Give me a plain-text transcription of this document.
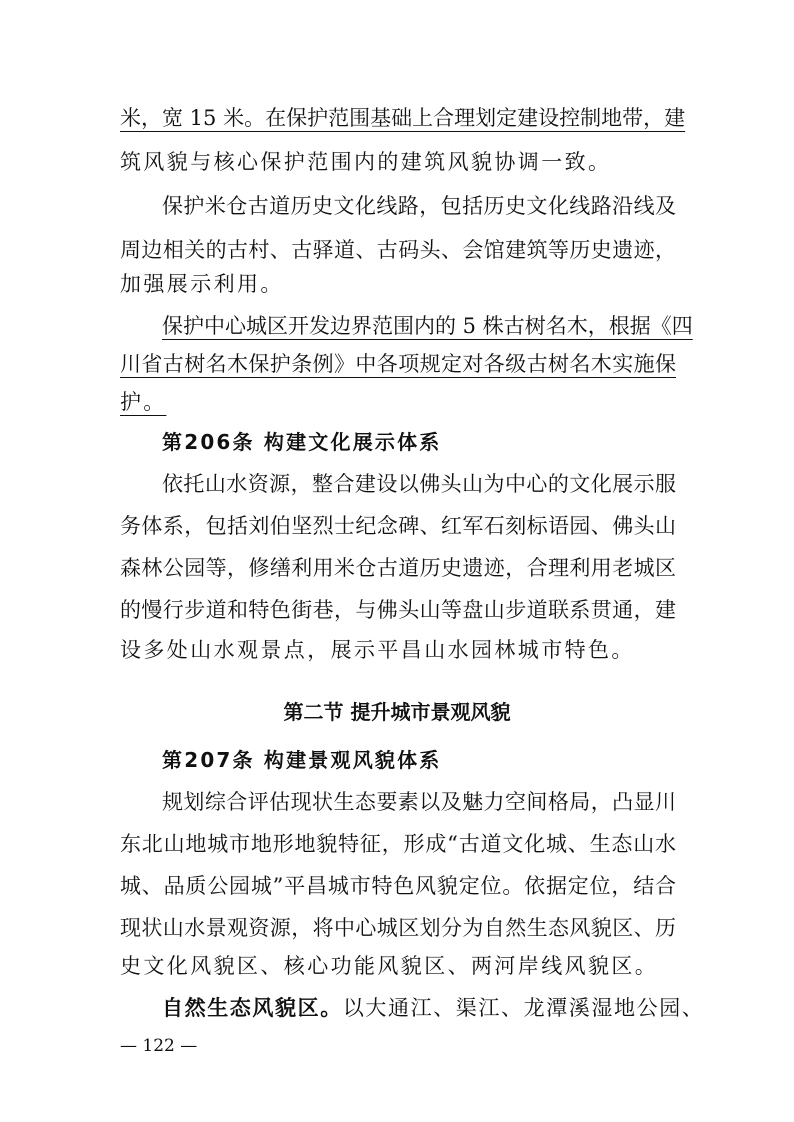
米，宽 15 米。在保护范围基础上合理划定建设控制地带，建
筑风貌与核心保护范围内的建筑风貌协调一致。
保护米仓古道历史文化线路，包括历史文化线路沿线及
周边相关的古村、古驿道、古码头、会馆建筑等历史遗迹，
加强展示利用。
保护中心城区开发边界范围内的 5 株古树名木，根据《四
川省古树名木保护条例》中各项规定对各级古树名木实施保
护。
第206条 构建文化展示体系
依托山水资源，整合建设以佛头山为中心的文化展示服
务体系，包括刘伯坚烈士纪念碑、红军石刻标语园、佛头山
森林公园等，修缮利用米仓古道历史遗迹，合理利用老城区
的慢行步道和特色街巷，与佛头山等盘山步道联系贯通，建
设多处山水观景点，展示平昌山水园林城市特色。
第二节 提升城市景观风貌
第207条 构建景观风貌体系
规划综合评估现状生态要素以及魅力空间格局，凸显川
东北山地城市地形地貌特征，形成“古道文化城、生态山水
城、品质公园城”平昌城市特色风貌定位。依据定位，结合
现状山水景观资源，将中心城区划分为自然生态风貌区、历
史文化风貌区、核心功能风貌区、两河岸线风貌区。
自然生态风貌区。以大通江、渠江、龙潭溪湿地公园、
— 122 —
